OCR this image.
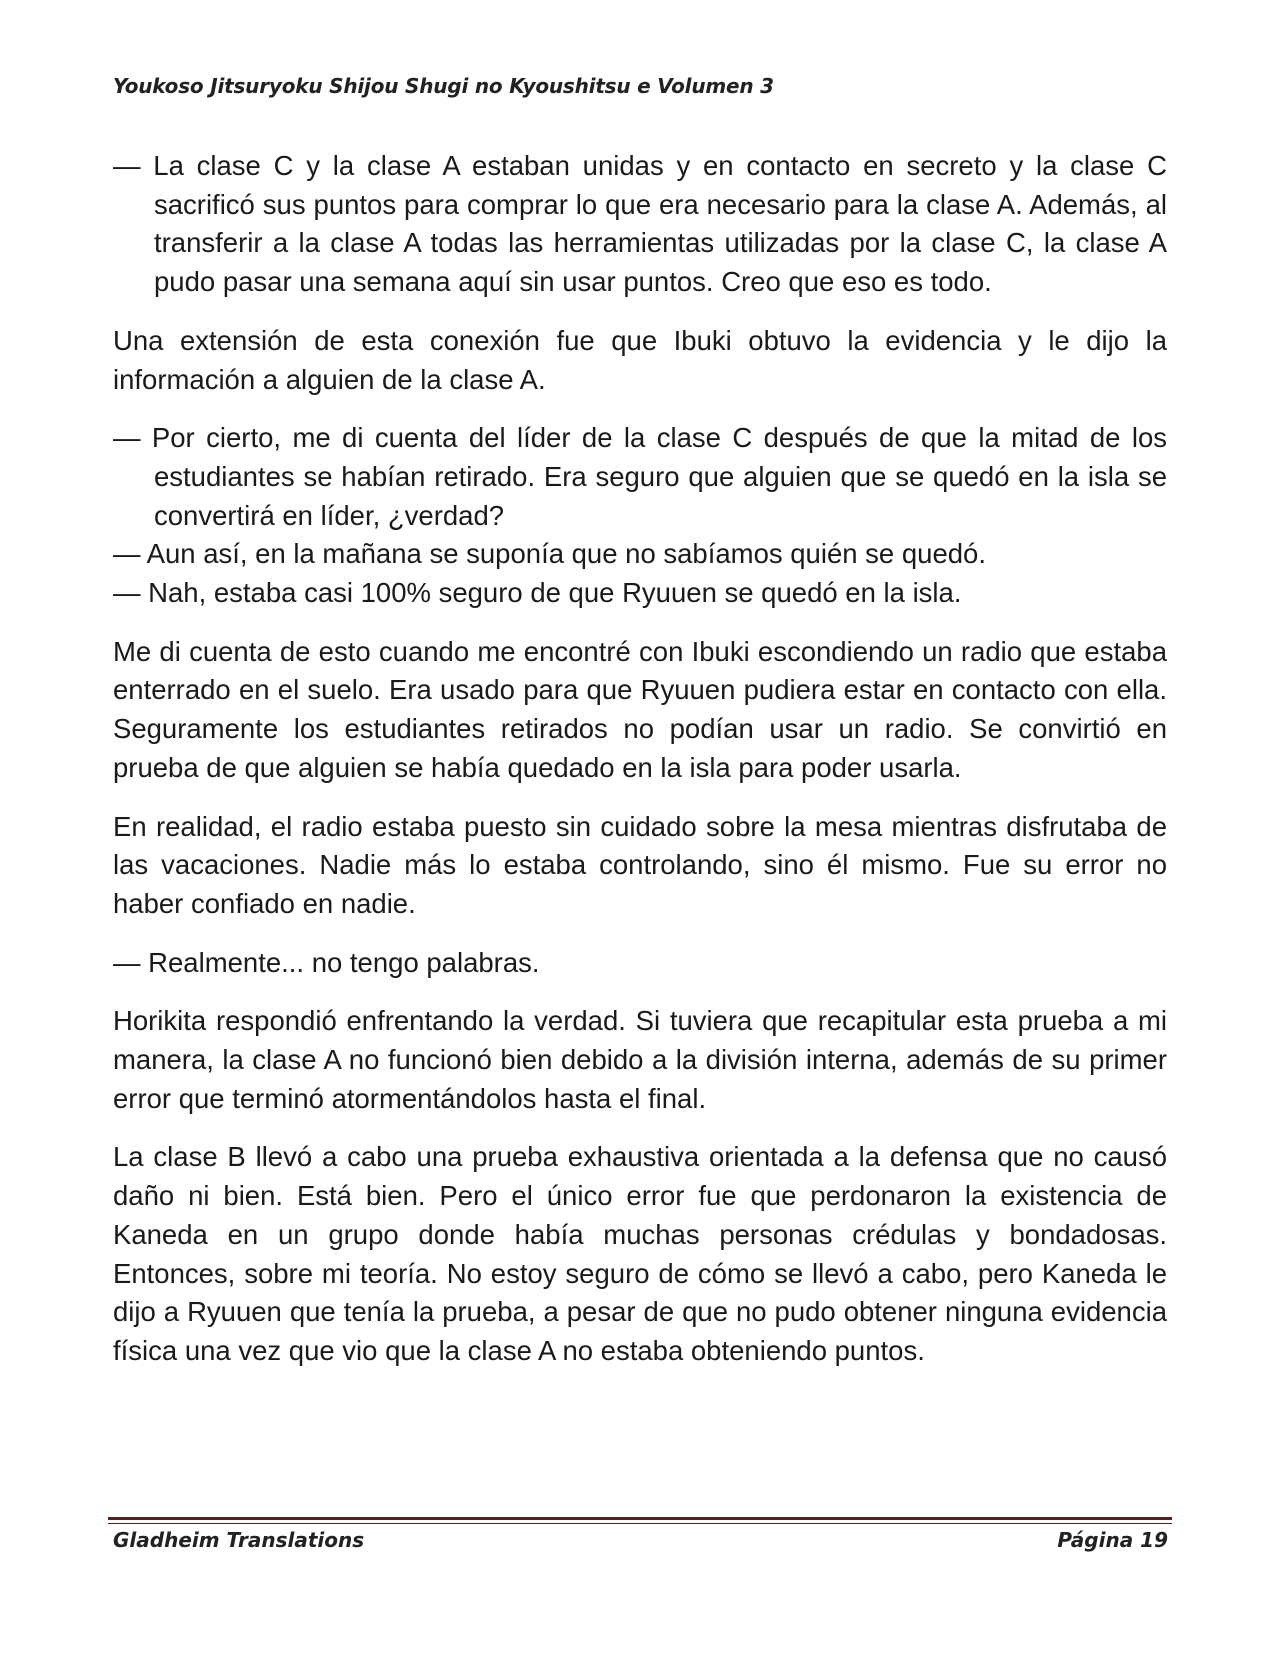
Youkoso Jitsuryoku Shijou Shugi no Kyoushitsu e Volumen 3

— La clase C y la clase A estaban unidas y en contacto en secreto y la clase C sacrificó sus puntos para comprar lo que era necesario para la clase A. Además, al transferir a la clase A todas las herramientas utilizadas por la clase C, la clase A pudo pasar una semana aquí sin usar puntos. Creo que eso es todo.

Una extensión de esta conexión fue que Ibuki obtuvo la evidencia y le dijo la información a alguien de la clase A.

— Por cierto, me di cuenta del líder de la clase C después de que la mitad de los estudiantes se habían retirado. Era seguro que alguien que se quedó en la isla se convertirá en líder, ¿verdad?

— Aun así, en la mañana se suponía que no sabíamos quién se quedó.

— Nah, estaba casi 100% seguro de que Ryuuen se quedó en la isla.

Me di cuenta de esto cuando me encontré con Ibuki escondiendo un radio que estaba enterrado en el suelo. Era usado para que Ryuuen pudiera estar en contacto con ella. Seguramente los estudiantes retirados no podían usar un radio. Se convirtió en prueba de que alguien se había quedado en la isla para poder usarla.

En realidad, el radio estaba puesto sin cuidado sobre la mesa mientras disfrutaba de las vacaciones. Nadie más lo estaba controlando, sino él mismo. Fue su error no haber confiado en nadie.

— Realmente... no tengo palabras.

Horikita respondió enfrentando la verdad. Si tuviera que recapitular esta prueba a mi manera, la clase A no funcionó bien debido a la división interna, además de su primer error que terminó atormentándolos hasta el final.

La clase B llevó a cabo una prueba exhaustiva orientada a la defensa que no causó daño ni bien. Está bien. Pero el único error fue que perdonaron la existencia de Kaneda en un grupo donde había muchas personas crédulas y bondadosas. Entonces, sobre mi teoría. No estoy seguro de cómo se llevó a cabo, pero Kaneda le dijo a Ryuuen que tenía la prueba, a pesar de que no pudo obtener ninguna evidencia física una vez que vio que la clase A no estaba obteniendo puntos.

Gladheim Translations	Página 19
